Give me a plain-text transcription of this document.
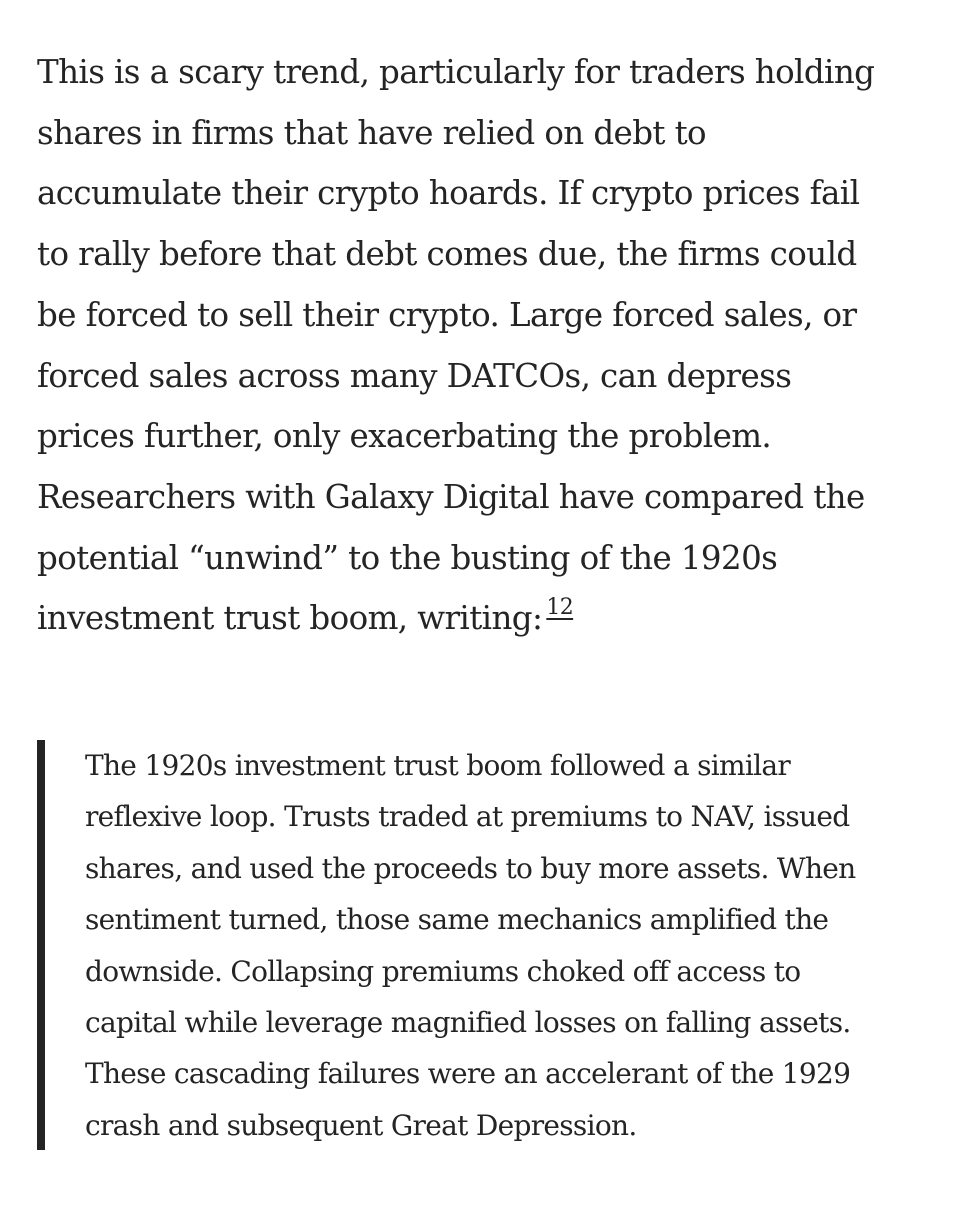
This is a scary trend, particularly for traders holding
shares in firms that have relied on debt to
accumulate their crypto hoards. If crypto prices fail
to rally before that debt comes due, the firms could
be forced to sell their crypto. Large forced sales, or
forced sales across many DATCOs, can depress
prices further, only exacerbating the problem.
Researchers with Galaxy Digital have compared the
potential “unwind” to the busting of the 1920s
investment trust boom, writing: $^{12}$

The 1920s investment trust boom followed a similar
reflexive loop. Trusts traded at premiums to NAV, issued
shares, and used the proceeds to buy more assets. When
sentiment turned, those same mechanics amplified the
downside. Collapsing premiums choked off access to
capital while leverage magnified losses on falling assets.
These cascading failures were an accelerant of the 1929
crash and subsequent Great Depression.
